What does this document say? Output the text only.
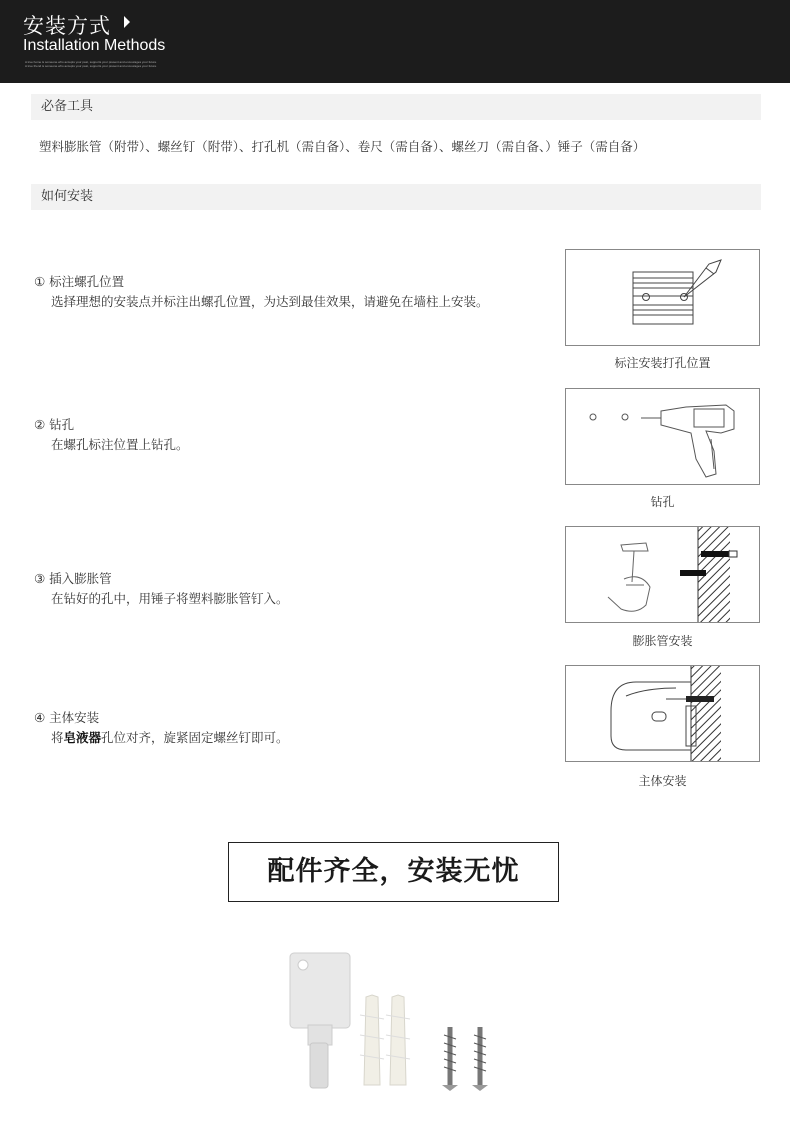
安装方式
Installation Methods
A true home is someone who accepts your past, supports your present and encourages your future
A true friend is someone who accepts your past, supports your present and encourages your future
必备工具
塑料膨胀管（附带）、螺丝钉（附带）、打孔机（需自备）、卷尺（需自备）、螺丝刀（需自备、）锤子（需自备）
如何安装
① 标注螺孔位置
选择理想的安装点并标注出螺孔位置，为达到最佳效果，请避免在墙柱上安装。
标注安装打孔位置
② 钻孔
在螺孔标注位置上钻孔。
钻孔
③ 插入膨胀管
在钻好的孔中，用锤子将塑料膨胀管钉入。
膨胀管安装
④ 主体安装
将皂液器孔位对齐，旋紧固定螺丝钉即可。
主体安装
配件齐全，安装无忧
